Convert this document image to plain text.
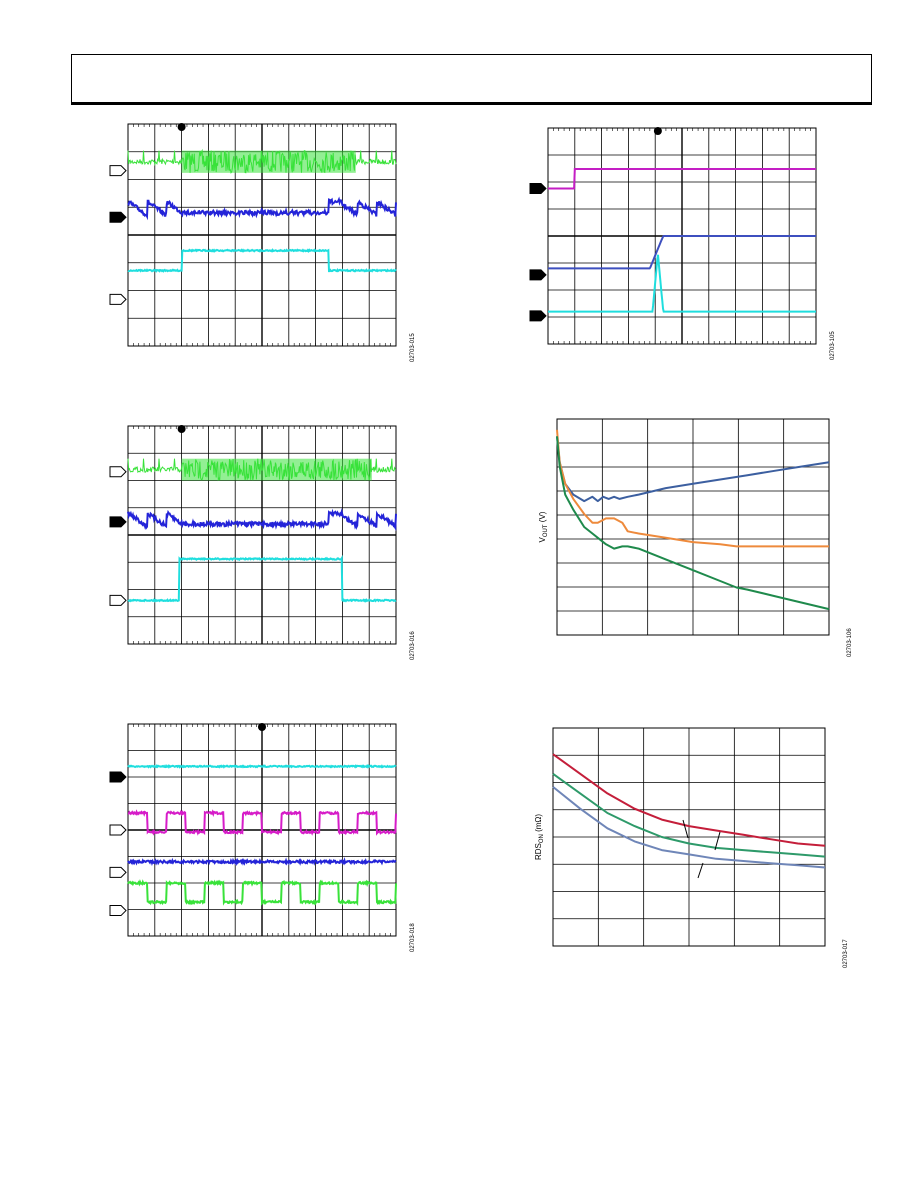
02703-015
02703-016
02703-018
02703-105
$V_{OUT}$ (V)
02703-106
$RDS_{ON}$ (mΩ)
02703-017
